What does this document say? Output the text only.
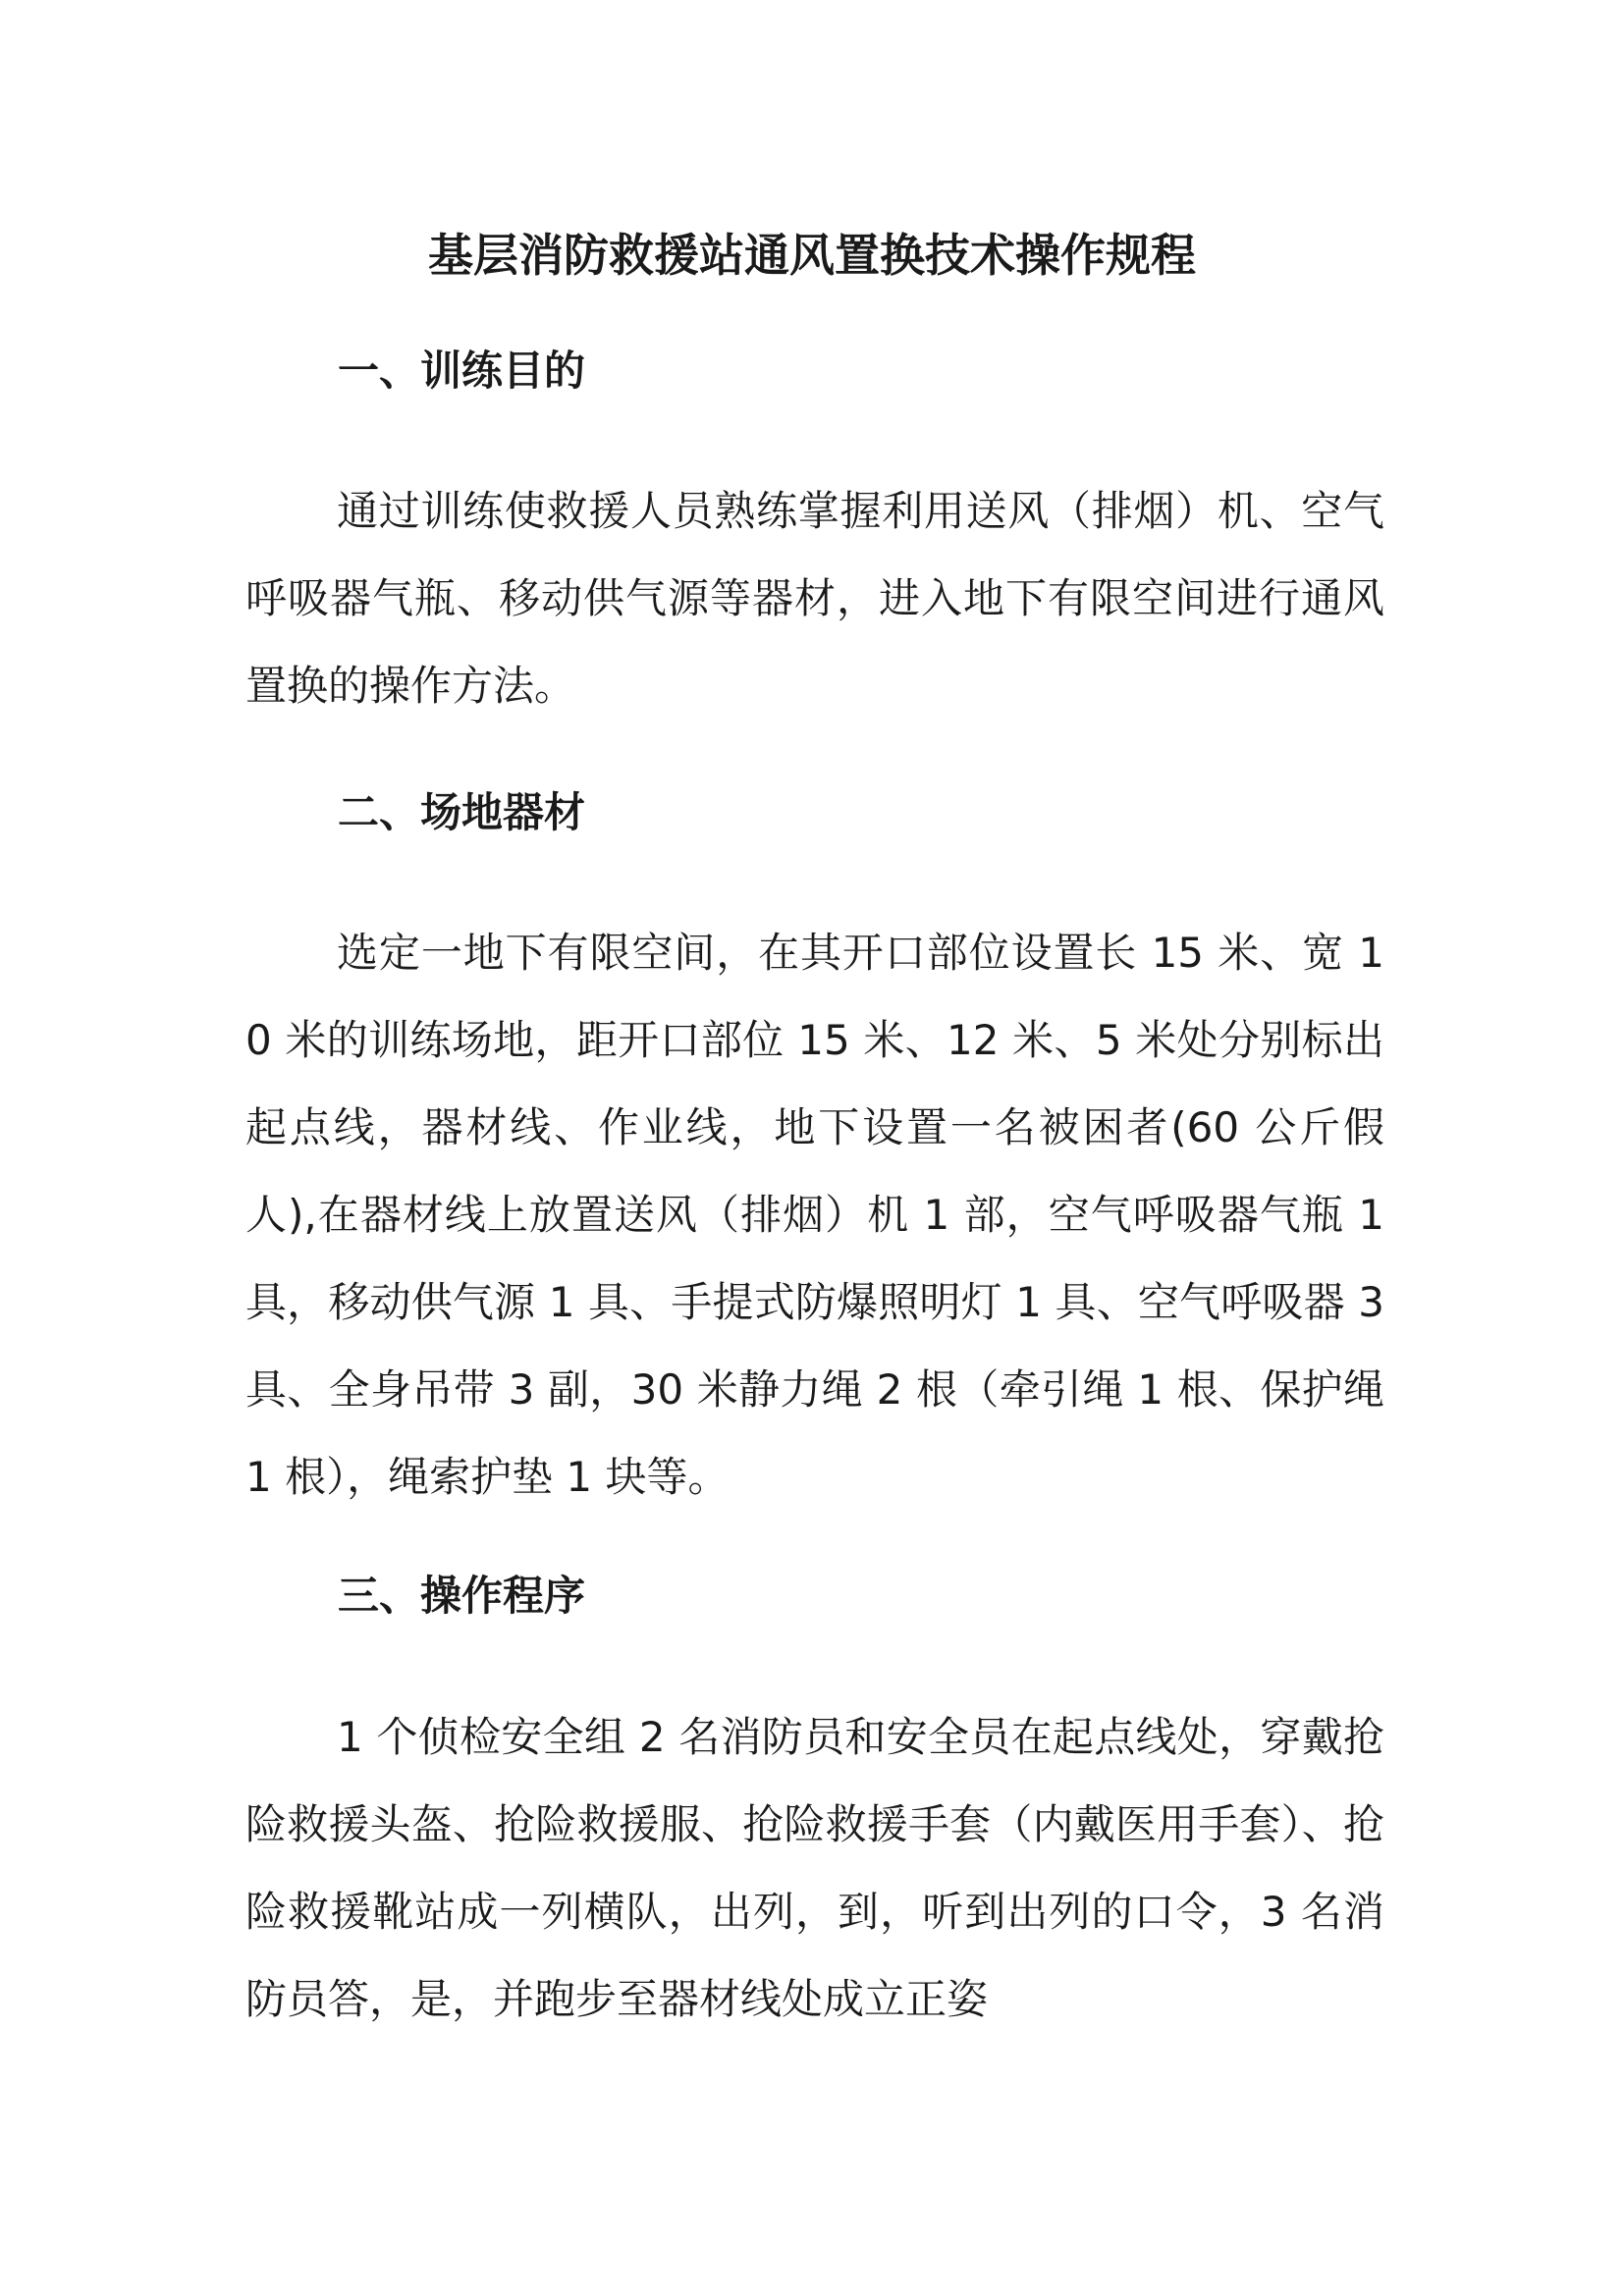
基层消防救援站通风置换技术操作规程
一、训练目的

通过训练使救援人员熟练掌握利用送风（排烟）机、空气呼吸器气瓶、移动供气源等器材，进入地下有限空间进行通风置换的操作方法。

二、场地器材

选定一地下有限空间，在其开口部位设置长 15 米、宽 10 米的训练场地，距开口部位 15 米、12 米、5 米处分别标出起点线，器材线、作业线，地下设置一名被困者(60 公斤假人),在器材线上放置送风（排烟）机 1 部，空气呼吸器气瓶 1 具，移动供气源 1 具、手提式防爆照明灯 1 具、空气呼吸器 3 具、全身吊带 3 副，30 米静力绳 2 根（牵引绳 1 根、保护绳 1 根），绳索护垫 1 块等。

三、操作程序

1 个侦检安全组 2 名消防员和安全员在起点线处，穿戴抢险救援头盔、抢险救援服、抢险救援手套（内戴医用手套）、抢险救援靴站成一列横队，出列，到，听到出列的口令，3 名消防员答，是，并跑步至器材线处成立正姿
